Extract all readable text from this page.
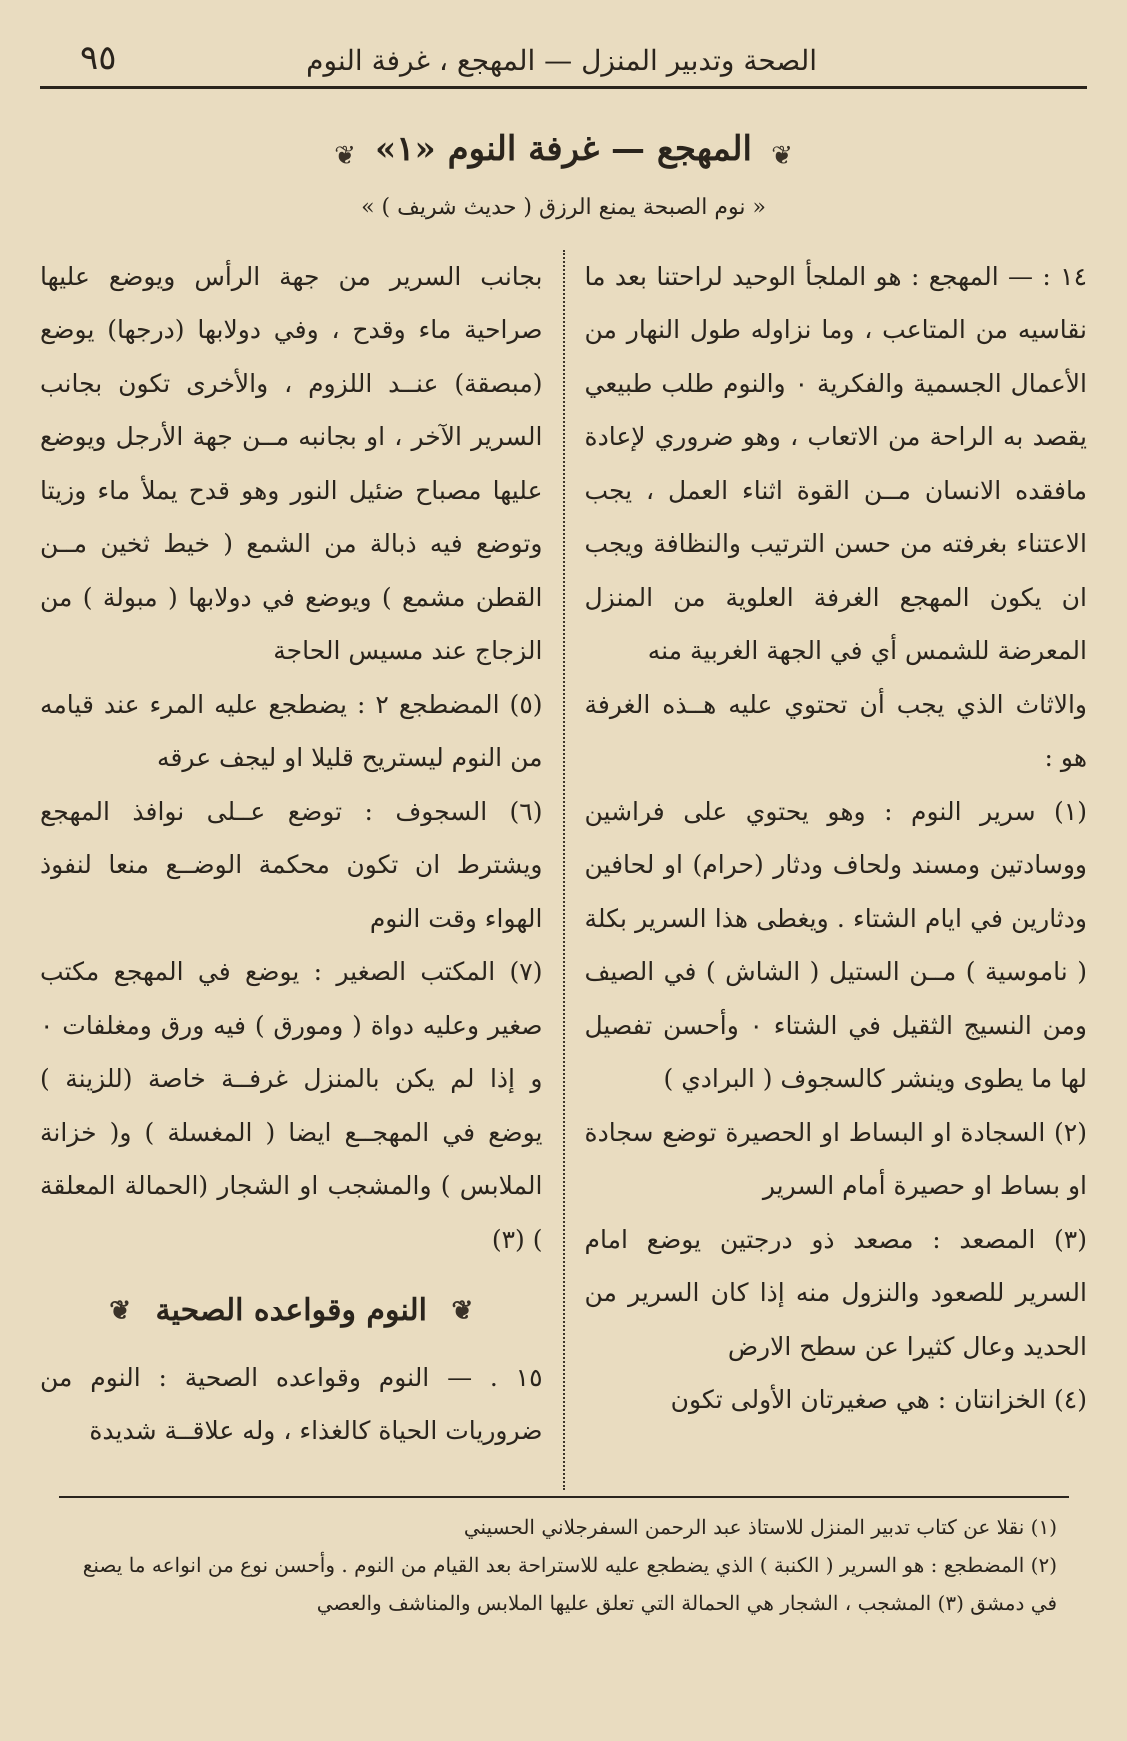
الصحة وتدبير المنزل — المهجع ، غرفة النوم
٩٥
❦ المهجع — غرفة النوم «١» ❦
« نوم الصبحة يمنع الرزق ( حديث شريف ) »

١٤ : — المهجع : هو الملجأ الوحيد لراحتنا بعد ما نقاسيه من المتاعب ، وما نزاوله طول النهار من الأعمال الجسمية والفكرية ٠ والنوم طلب طبيعي يقصد به الراحة من الاتعاب ، وهو ضروري لإعادة مافقده الانسان مــن القوة اثناء العمل ، يجب الاعتناء بغرفته من حسن الترتيب والنظافة ويجب ان يكون المهجع الغرفة العلوية من المنزل المعرضة للشمس أي في الجهة الغربية منه

والاثاث الذي يجب أن تحتوي عليه هــذه الغرفة هو :

(١) سرير النوم : وهو يحتوي على فراشين ووسادتين ومسند ولحاف ودثار (حرام) او لحافين ودثارين في ايام الشتاء . ويغطى هذا السرير بكلة ( ناموسية ) مــن الستيل ( الشاش ) في الصيف ومن النسيج الثقيل في الشتاء ٠ وأحسن تفصيل لها ما يطوى وينشر كالسجوف ( البرادي )

(٢) السجادة او البساط او الحصيرة توضع سجادة او بساط او حصيرة أمام السرير

(٣) المصعد : مصعد ذو درجتين يوضع امام السرير للصعود والنزول منه إذا كان السرير من الحديد وعال كثيرا عن سطح الارض

(٤) الخزانتان : هي صغيرتان الأولى تكون

بجانب السرير من جهة الرأس ويوضع عليها صراحية ماء وقدح ، وفي دولابها (درجها) يوضع (مبصقة) عنــد اللزوم ، والأخرى تكون بجانب السرير الآخر ، او بجانبه مــن جهة الأرجل ويوضع عليها مصباح ضئيل النور وهو قدح يملأ ماء وزيتا وتوضع فيه ذبالة من الشمع ( خيط ثخين مــن القطن مشمع ) ويوضع في دولابها ( مبولة ) من الزجاج عند مسيس الحاجة

(٥) المضطجع ٢ : يضطجع عليه المرء عند قيامه من النوم ليستريح قليلا او ليجف عرقه

(٦) السجوف : توضع عــلى نوافذ المهجع ويشترط ان تكون محكمة الوضــع منعا لنفوذ الهواء وقت النوم

(٧) المكتب الصغير : يوضع في المهجع مكتب صغير وعليه دواة ( ومورق ) فيه ورق ومغلفات ٠ و إذا لم يكن بالمنزل غرفــة خاصة (للزينة ) يوضع في المهجــع ايضا ( المغسلة ) و( خزانة الملابس ) والمشجب او الشجار (الحمالة المعلقة ) (٣)

❦ النوم وقواعده الصحية ❦

١٥ . — النوم وقواعده الصحية : النوم من ضروريات الحياة كالغذاء ، وله علاقــة شديدة

(١) نقلا عن كتاب تدبير المنزل للاستاذ عبد الرحمن السفرجلاني الحسيني

(٢) المضطجع : هو السرير ( الكنبة ) الذي يضطجع عليه للاستراحة بعد القيام من النوم . وأحسن نوع من انواعه ما يصنع في دمشق (٣) المشجب ، الشجار هي الحمالة التي تعلق عليها الملابس والمناشف والعصي
